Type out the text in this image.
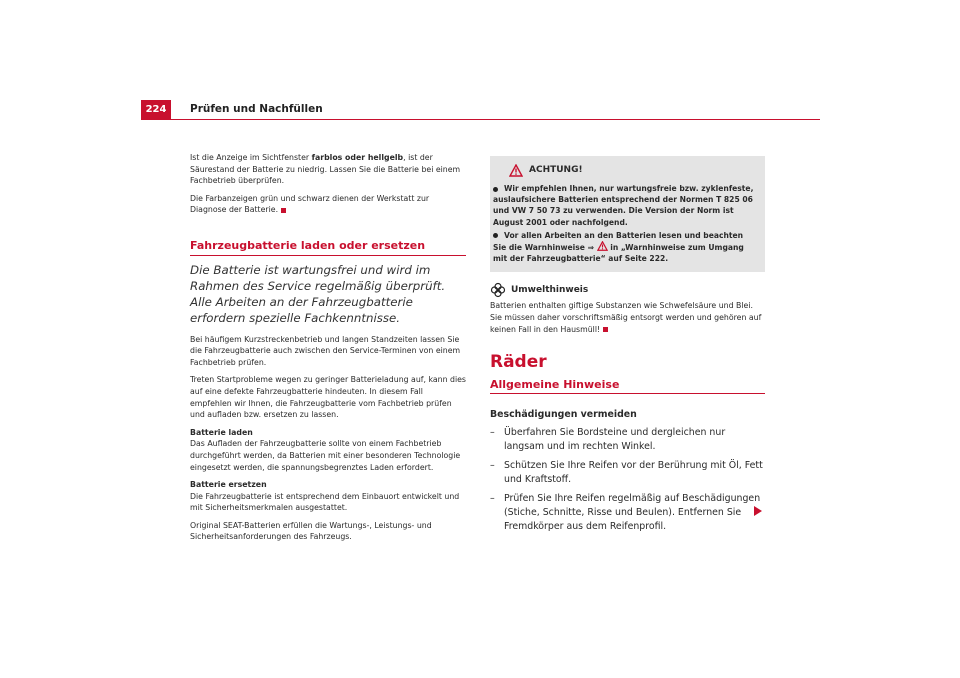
224	Prüfen und Nachfüllen

Ist die Anzeige im Sichtfenster farblos oder hellgelb, ist der Säurestand der Batterie zu niedrig. Lassen Sie die Batterie bei einem Fachbetrieb überprüfen.

Die Farbanzeigen grün und schwarz dienen der Werkstatt zur Diagnose der Batterie.

Fahrzeugbatterie laden oder ersetzen
Die Batterie ist wartungsfrei und wird im Rahmen des Service regelmäßig überprüft. Alle Arbeiten an der Fahrzeugbatterie erfordern spezielle Fachkenntnisse.

Bei häufigem Kurzstreckenbetrieb und langen Standzeiten lassen Sie die Fahrzeugbatterie auch zwischen den Service-Terminen von einem Fachbetrieb prüfen.

Treten Startprobleme wegen zu geringer Batterieladung auf, kann dies auf eine defekte Fahrzeugbatterie hindeuten. In diesem Fall empfehlen wir Ihnen, die Fahrzeugbatterie vom Fachbetrieb prüfen und aufladen bzw. ersetzen zu lassen.

Batterie laden

Das Aufladen der Fahrzeugbatterie sollte von einem Fachbetrieb durchgeführt werden, da Batterien mit einer besonderen Technologie eingesetzt werden, die spannungsbegrenztes Laden erfordert.

Batterie ersetzen

Die Fahrzeugbatterie ist entsprechend dem Einbauort entwickelt und mit Sicherheitsmerkmalen ausgestattet.

Original SEAT-Batterien erfüllen die Wartungs-, Leistungs- und Sicherheitsanforderungen des Fahrzeugs.

ACHTUNG!

Wir empfehlen Ihnen, nur wartungsfreie bzw. zyklenfeste, auslaufsichere Batterien entsprechend der Normen T 825 06 und VW 7 50 73 zu verwenden. Die Version der Norm ist August 2001 oder nachfolgend.

Vor allen Arbeiten an den Batterien lesen und beachten Sie die Warnhinweise ⇒  in „Warnhinweise zum Umgang mit der Fahrzeugbatterie“ auf Seite 222.

Umwelthinweis

Batterien enthalten giftige Substanzen wie Schwefelsäure und Blei. Sie müssen daher vorschriftsmäßig entsorgt werden und gehören auf keinen Fall in den Hausmüll!

Räder
Allgemeine Hinweise

Beschädigungen vermeiden

– Überfahren Sie Bordsteine und dergleichen nur langsam und im rechten Winkel.
– Schützen Sie Ihre Reifen vor der Berührung mit Öl, Fett und Kraftstoff.
– Prüfen Sie Ihre Reifen regelmäßig auf Beschädigungen (Stiche, Schnitte, Risse und Beulen). Entfernen Sie Fremdkörper aus dem Reifenprofil.
